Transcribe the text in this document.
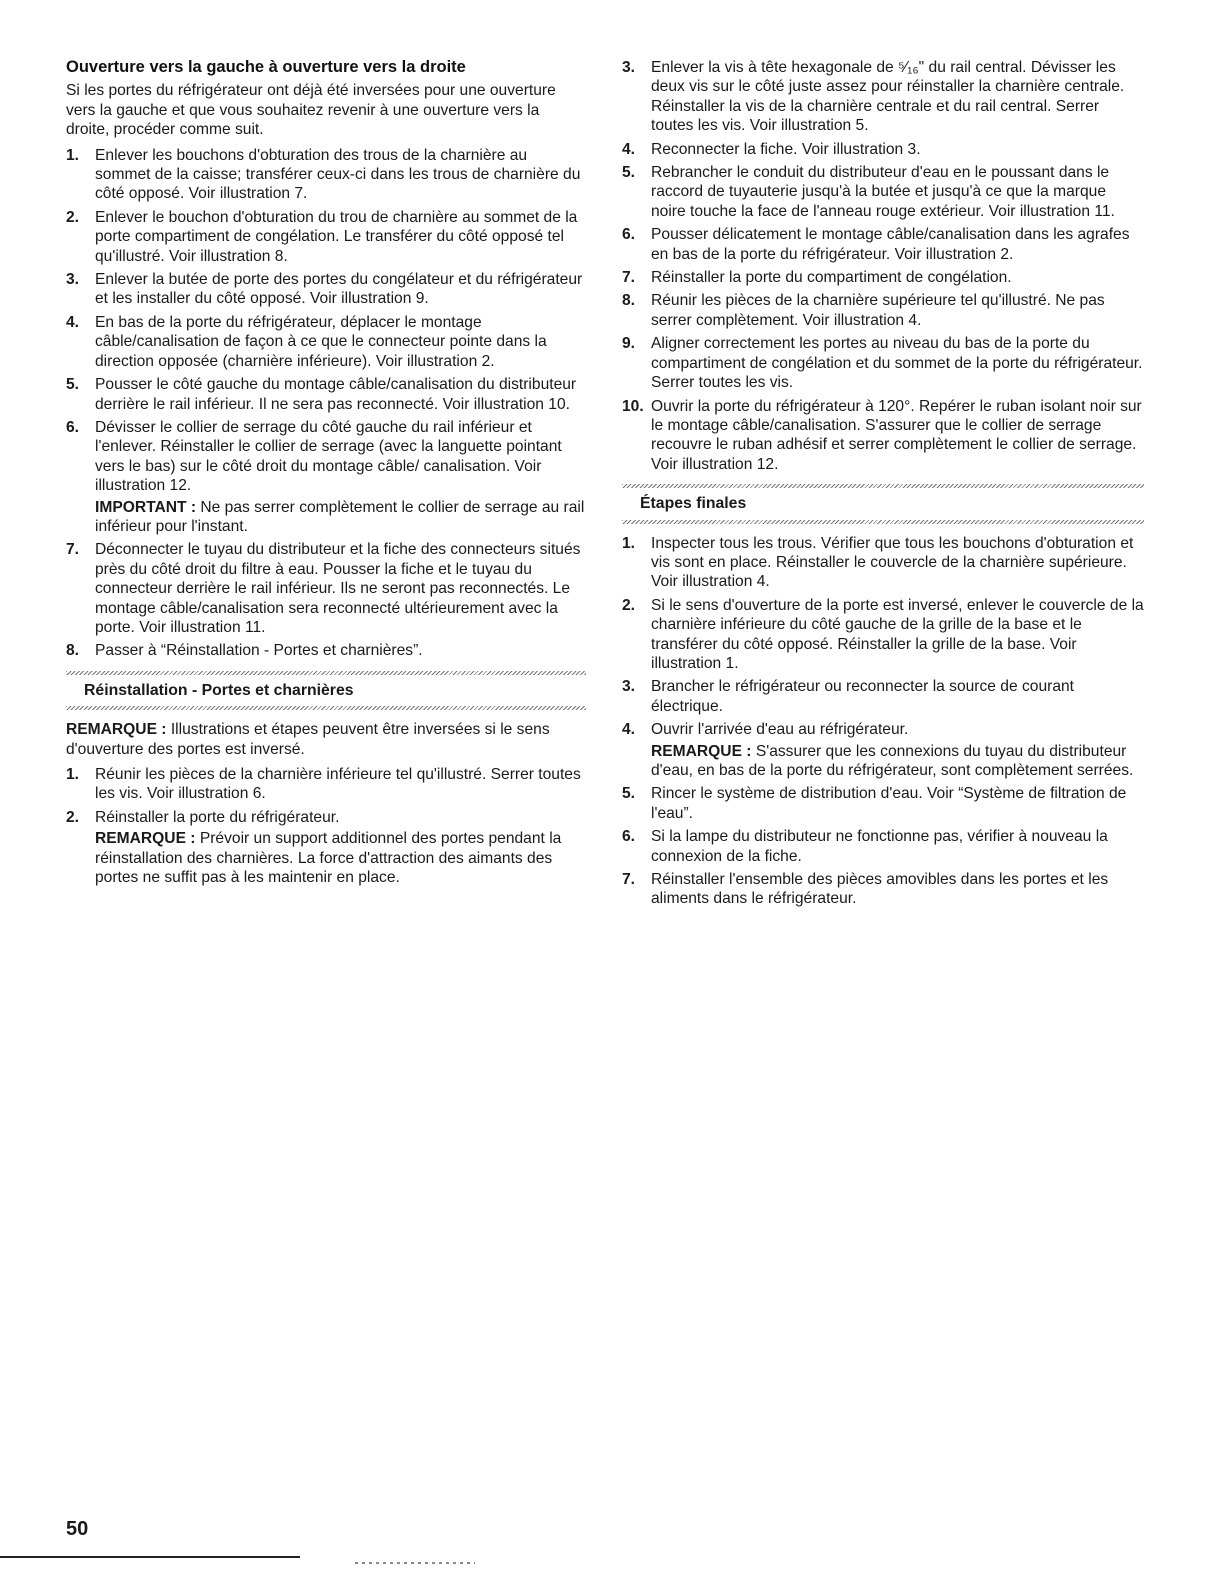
Ouverture vers la gauche à ouverture vers la droite

Si les portes du réfrigérateur ont déjà été inversées pour une ouverture vers la gauche et que vous souhaitez revenir à une ouverture vers la droite, procéder comme suit.

1.	Enlever les bouchons d'obturation des trous de la charnière au sommet de la caisse; transférer ceux-ci dans les trous de charnière du côté opposé. Voir illustration 7.
2.	Enlever le bouchon d'obturation du trou de charnière au sommet de la porte compartiment de congélation. Le transférer du côté opposé tel qu'illustré. Voir illustration 8.
3.	Enlever la butée de porte des portes du congélateur et du réfrigérateur et les installer du côté opposé. Voir illustration 9.
4.	En bas de la porte du réfrigérateur, déplacer le montage câble/canalisation de façon à ce que le connecteur pointe dans la direction opposée (charnière inférieure). Voir illustration 2.
5.	Pousser le côté gauche du montage câble/canalisation du distributeur derrière le rail inférieur. Il ne sera pas reconnecté. Voir illustration 10.
6.	Dévisser le collier de serrage du côté gauche du rail inférieur et l'enlever. Réinstaller le collier de serrage (avec la languette pointant vers le bas) sur le côté droit du montage câble/ canalisation. Voir illustration 12.

IMPORTANT : Ne pas serrer complètement le collier de serrage au rail inférieur pour l'instant.

7.	Déconnecter le tuyau du distributeur et la fiche des connecteurs situés près du côté droit du filtre à eau. Pousser la fiche et le tuyau du connecteur derrière le rail inférieur. Ils ne seront pas reconnectés. Le montage câble/canalisation sera reconnecté ultérieurement avec la porte. Voir illustration 11.
8.	Passer à “Réinstallation - Portes et charnières”.
Réinstallation - Portes et charnières

REMARQUE : Illustrations et étapes peuvent être inversées si le sens d'ouverture des portes est inversé.

1.	Réunir les pièces de la charnière inférieure tel qu'illustré. Serrer toutes les vis. Voir illustration 6.
2.	Réinstaller la porte du réfrigérateur.

REMARQUE : Prévoir un support additionnel des portes pendant la réinstallation des charnières. La force d'attraction des aimants des portes ne suffit pas à les maintenir en place.

3.	Enlever la vis à tête hexagonale de ⁵⁄₁₆" du rail central. Dévisser les deux vis sur le côté juste assez pour réinstaller la charnière centrale. Réinstaller la vis de la charnière centrale et du rail central. Serrer toutes les vis. Voir illustration 5.
4.	Reconnecter la fiche. Voir illustration 3.
5.	Rebrancher le conduit du distributeur d'eau en le poussant dans le raccord de tuyauterie jusqu'à la butée et jusqu'à ce que la marque noire touche la face de l'anneau rouge extérieur. Voir illustration 11.
6.	Pousser délicatement le montage câble/canalisation dans les agrafes en bas de la porte du réfrigérateur. Voir illustration 2.
7.	Réinstaller la porte du compartiment de congélation.
8.	Réunir les pièces de la charnière supérieure tel qu'illustré. Ne pas serrer complètement. Voir illustration 4.
9.	Aligner correctement les portes au niveau du bas de la porte du compartiment de congélation et du sommet de la porte du réfrigérateur. Serrer toutes les vis.
10. Ouvrir la porte du réfrigérateur à 120°. Repérer le ruban isolant noir sur le montage câble/canalisation. S'assurer que le collier de serrage recouvre le ruban adhésif et serrer complètement le collier de serrage. Voir illustration 12.
Étapes finales
1.	Inspecter tous les trous. Vérifier que tous les bouchons d'obturation et vis sont en place. Réinstaller le couvercle de la charnière supérieure. Voir illustration 4.
2.	Si le sens d'ouverture de la porte est inversé, enlever le couvercle de la charnière inférieure du côté gauche de la grille de la base et le transférer du côté opposé. Réinstaller la grille de la base. Voir illustration 1.
3.	Brancher le réfrigérateur ou reconnecter la source de courant électrique.
4.	Ouvrir l'arrivée d'eau au réfrigérateur.

REMARQUE : S'assurer que les connexions du tuyau du distributeur d'eau, en bas de la porte du réfrigérateur, sont complètement serrées.

5.	Rincer le système de distribution d'eau. Voir “Système de filtration de l'eau”.
6.	Si la lampe du distributeur ne fonctionne pas, vérifier à nouveau la connexion de la fiche.
7.	Réinstaller l'ensemble des pièces amovibles dans les portes et les aliments dans le réfrigérateur.
50
